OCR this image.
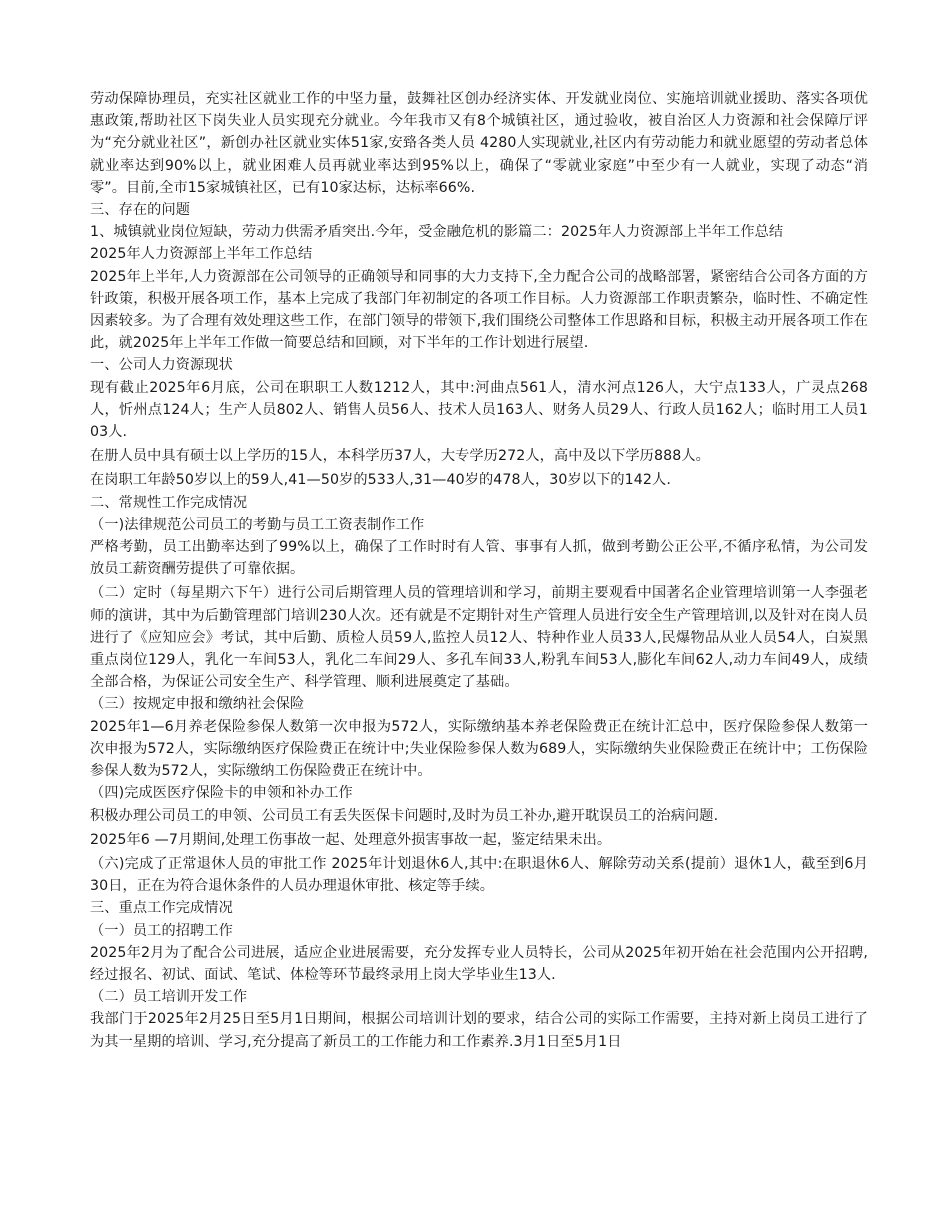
劳动保障协理员，充实社区就业工作的中坚力量，鼓舞社区创办经济实体、开发就业岗位、实施培训就业援助、落实各项优惠政策,帮助社区下岗失业人员实现充分就业。今年我市又有8个城镇社区，通过验收，被自治区人力资源和社会保障厅评为“充分就业社区”，新创办社区就业实体51家,安臵各类人员 4280人实现就业,社区内有劳动能力和就业愿望的劳动者总体就业率达到90%以上，就业困难人员再就业率达到95%以上，确保了“零就业家庭”中至少有一人就业，实现了动态“消零”。目前,全市15家城镇社区，已有10家达标，达标率66%.

三、存在的问题

1、城镇就业岗位短缺，劳动力供需矛盾突出.今年，受金融危机的影篇二：2025年人力资源部上半年工作总结

2025年人力资源部上半年工作总结

2025年上半年,人力资源部在公司领导的正确领导和同事的大力支持下,全力配合公司的战略部署，紧密结合公司各方面的方针政策，积极开展各项工作，基本上完成了我部门年初制定的各项工作目标。人力资源部工作职责繁杂，临时性、不确定性因素较多。为了合理有效处理这些工作，在部门领导的带领下,我们围绕公司整体工作思路和目标，积极主动开展各项工作在此，就2025年上半年工作做一简要总结和回顾，对下半年的工作计划进行展望.

一、公司人力资源现状

现有截止2025年6月底，公司在职职工人数1212人，其中:河曲点561人，清水河点126人，大宁点133人，广灵点268人，忻州点124人；生产人员802人、销售人员56人、技术人员163人、财务人员29人、行政人员162人；临时用工人员103人.

在册人员中具有硕士以上学历的15人，本科学历37人，大专学历272人，高中及以下学历888人。

在岗职工年龄50岁以上的59人,41—50岁的533人,31—40岁的478人，30岁以下的142人.

二、常规性工作完成情况

（一)法律规范公司员工的考勤与员工工资表制作工作

严格考勤，员工出勤率达到了99%以上，确保了工作时时有人管、事事有人抓，做到考勤公正公平,不循序私情，为公司发放员工薪资酬劳提供了可靠依据。

（二）定时（每星期六下午）进行公司后期管理人员的管理培训和学习，前期主要观看中国著名企业管理培训第一人李强老师的演讲，其中为后勤管理部门培训230人次。还有就是不定期针对生产管理人员进行安全生产管理培训,以及针对在岗人员进行了《应知应会》考试，其中后勤、质检人员59人,监控人员12人、特种作业人员33人,民爆物品从业人员54人，白炭黑重点岗位129人，乳化一车间53人，乳化二车间29人、多孔车间33人,粉乳车间53人,膨化车间62人,动力车间49人，成绩全部合格，为保证公司安全生产、科学管理、顺利进展奠定了基础。

（三）按规定申报和缴纳社会保险

2025年1—6月养老保险参保人数第一次申报为572人，实际缴纳基本养老保险费正在统计汇总中，医疗保险参保人数第一次申报为572人，实际缴纳医疗保险费正在统计中;失业保险参保人数为689人，实际缴纳失业保险费正在统计中；工伤保险参保人数为572人，实际缴纳工伤保险费正在统计中。

（四)完成医医疗保险卡的申领和补办工作

积极办理公司员工的申领、公司员工有丢失医保卡问题时,及时为员工补办,避开耽误员工的治病问题.

2025年6 —7月期间,处理工伤事故一起、处理意外损害事故一起，鉴定结果未出。

（六)完成了正常退休人员的审批工作 2025年计划退休6人,其中:在职退休6人、解除劳动关系(提前）退休1人，截至到6月30日，正在为符合退休条件的人员办理退休审批、核定等手续。

三、重点工作完成情况

（一）员工的招聘工作

2025年2月为了配合公司进展，适应企业进展需要，充分发挥专业人员特长，公司从2025年初开始在社会范围内公开招聘,经过报名、初试、面试、笔试、体检等环节最终录用上岗大学毕业生13人.

（二）员工培训开发工作

我部门于2025年2月25日至5月1日期间，根据公司培训计划的要求，结合公司的实际工作需要，主持对新上岗员工进行了为其一星期的培训、学习,充分提高了新员工的工作能力和工作素养.3月1日至5月1日
